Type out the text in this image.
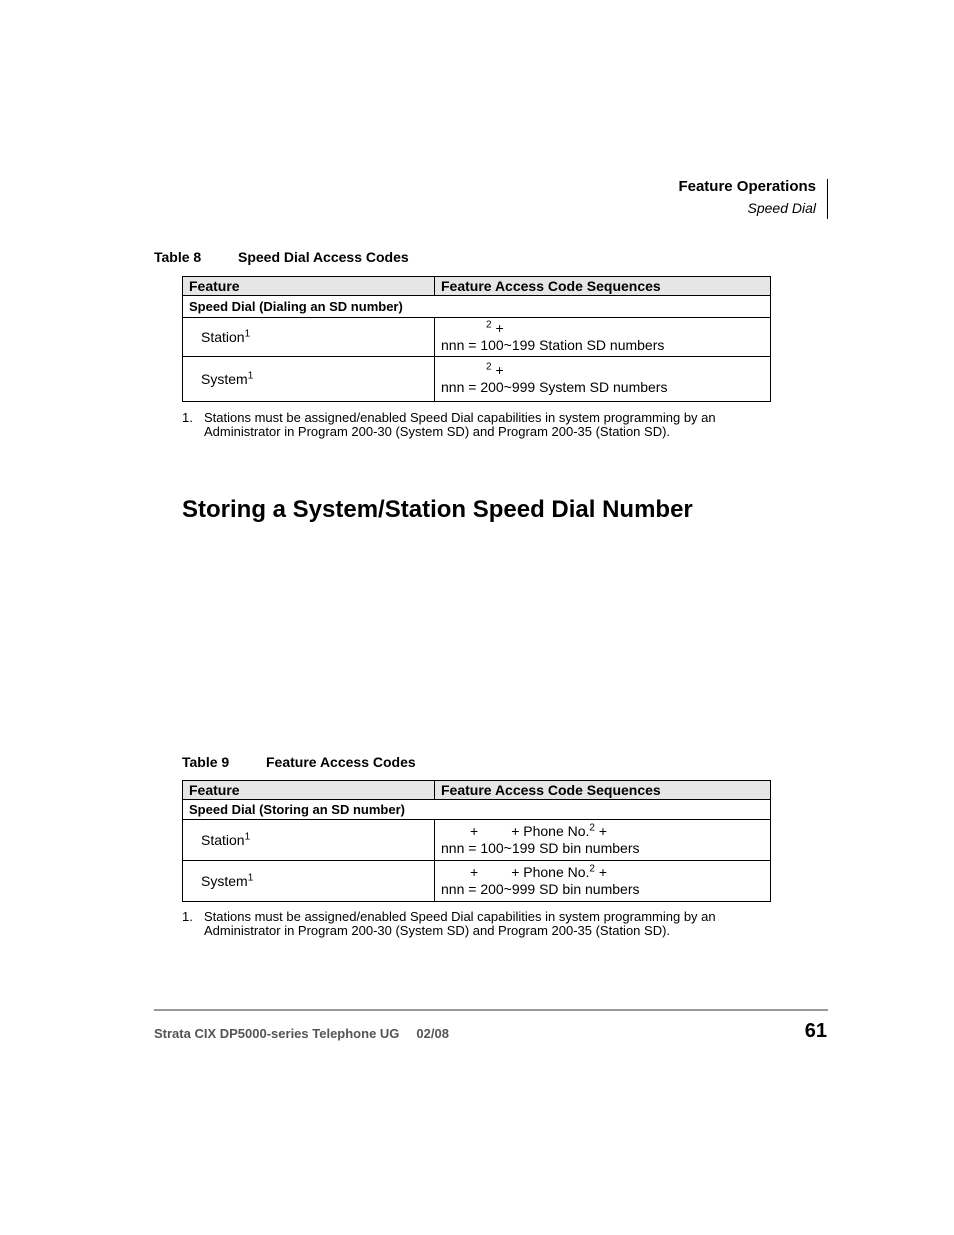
Feature Operations
Speed Dial
Table 8	Speed Dial Access Codes
Feature	Feature Access Code Sequences
Speed Dial (Dialing an SD number)	
Station$^1$	$^2$ +
nnn = 100~199 Station SD numbers

System$^1$	$^2$ +
nnn = 200~999 System SD numbers
1. Stations must be assigned/enabled Speed Dial capabilities in system programming by an Administrator in Program 200-30 (System SD) and Program 200-35 (Station SD).
Storing a System/Station Speed Dial Number
Table 9	Feature Access Codes
Feature	Feature Access Code Sequences
Speed Dial (Storing an SD number)	
Station$^1$	+ + Phone No.$^2$ +
nnn = 100~199 SD bin numbers

System$^1$	+ + Phone No.$^2$ +
nnn = 200~999 SD bin numbers
1. Stations must be assigned/enabled Speed Dial capabilities in system programming by an Administrator in Program 200-30 (System SD) and Program 200-35 (Station SD).
Strata CIX DP5000-series Telephone UG 02/08	61
